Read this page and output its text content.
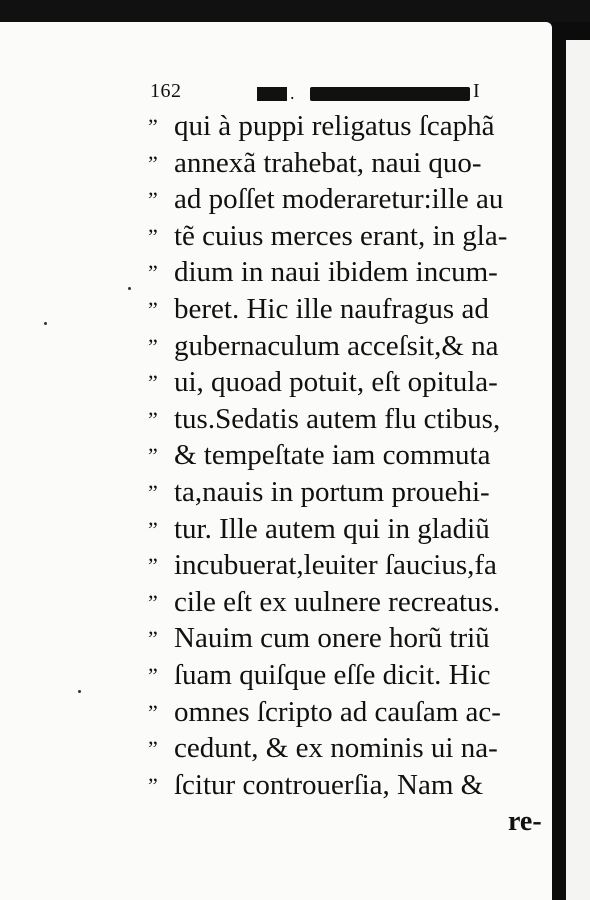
162	.	I
” qui à puppi religatus ſcaphã
” annexã trahebat, naui quo-
” ad poſſet moderaretur:ille au
” tẽ cuius merces erant, in gla-
” dium in naui ibidem incum-
” beret. Hic ille naufragus ad
” gubernaculum acceſsit,& na
” ui, quoad potuit, eſt opitula-
” tus.Sedatis autem flu ctibus,
” & tempeſtate iam commuta
” ta,nauis in portum prouehi-
” tur. Ille autem qui in gladiũ
” incubuerat,leuiter ſaucius,fa
” cile eſt ex uulnere recreatus.
” Nauim cum onere horũ triũ
” ſuam quiſque eſſe dicit. Hic
” omnes ſcripto ad cauſam ac-
” cedunt, & ex nominis ui na-
” ſcitur controuerſia, Nam &
re-
